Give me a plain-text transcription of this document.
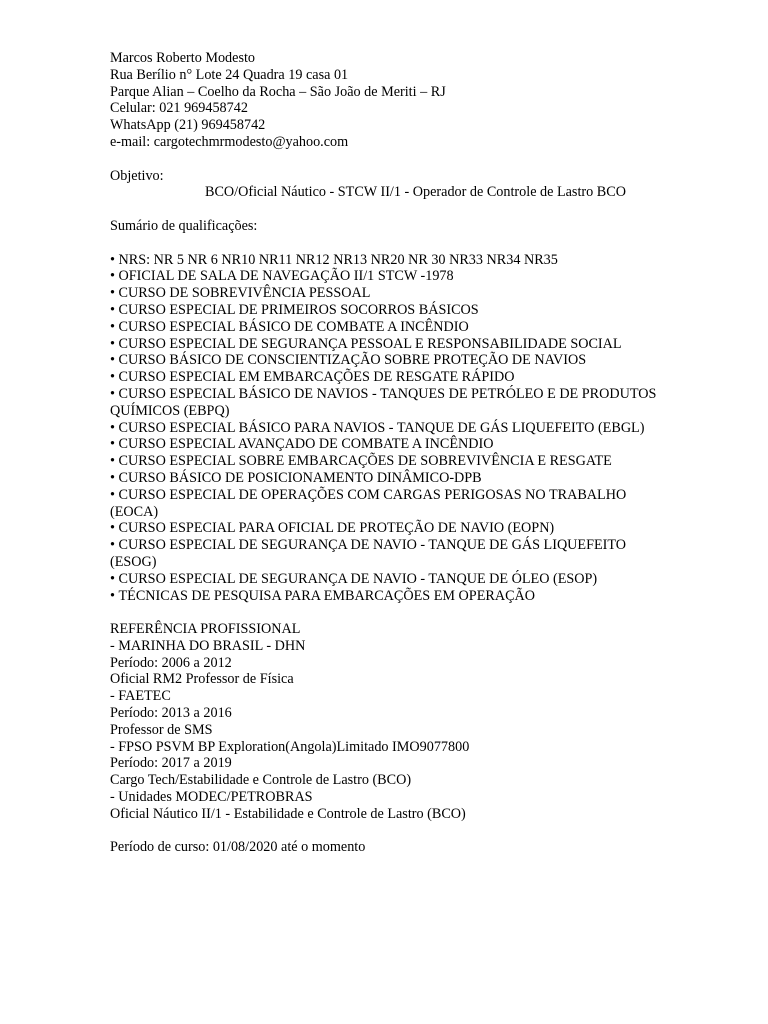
Marcos Roberto Modesto
Rua Berílio n° Lote 24 Quadra 19 casa 01
Parque Alian – Coelho da Rocha – São João de Meriti – RJ
Celular: 021 969458742
WhatsApp (21) 969458742
e-mail: cargotechmrmodesto@yahoo.com
Objetivo:
BCO/Oficial Náutico - STCW II/1 - Operador de Controle de Lastro BCO
Sumário de qualificações:
• NRS: NR 5 NR 6 NR10 NR11 NR12 NR13 NR20 NR 30 NR33 NR34 NR35
• OFICIAL DE SALA DE NAVEGAÇÃO II/1 STCW -1978
• CURSO DE SOBREVIVÊNCIA PESSOAL
• CURSO ESPECIAL DE PRIMEIROS SOCORROS BÁSICOS
• CURSO ESPECIAL BÁSICO DE COMBATE A INCÊNDIO
• CURSO ESPECIAL DE SEGURANÇA PESSOAL E RESPONSABILIDADE SOCIAL
• CURSO BÁSICO DE CONSCIENTIZAÇÃO SOBRE PROTEÇÃO DE NAVIOS
• CURSO ESPECIAL EM EMBARCAÇÕES DE RESGATE RÁPIDO
• CURSO ESPECIAL BÁSICO DE NAVIOS - TANQUES DE PETRÓLEO E DE PRODUTOS QUÍMICOS (EBPQ)
• CURSO ESPECIAL BÁSICO PARA NAVIOS - TANQUE DE GÁS LIQUEFEITO (EBGL)
• CURSO ESPECIAL AVANÇADO DE COMBATE A INCÊNDIO
• CURSO ESPECIAL SOBRE EMBARCAÇÕES DE SOBREVIVÊNCIA E RESGATE
• CURSO BÁSICO DE POSICIONAMENTO DINÂMICO-DPB
• CURSO ESPECIAL DE OPERAÇÕES COM CARGAS PERIGOSAS NO TRABALHO (EOCA)
• CURSO ESPECIAL PARA OFICIAL DE PROTEÇÃO DE NAVIO (EOPN)
• CURSO ESPECIAL DE SEGURANÇA DE NAVIO - TANQUE DE GÁS LIQUEFEITO (ESOG)
• CURSO ESPECIAL DE SEGURANÇA DE NAVIO - TANQUE DE ÓLEO (ESOP)
• TÉCNICAS DE PESQUISA PARA EMBARCAÇÕES EM OPERAÇÃO
REFERÊNCIA PROFISSIONAL
- MARINHA DO BRASIL - DHN
Período: 2006 a 2012
Oficial RM2 Professor de Física
- FAETEC
Período: 2013 a 2016
Professor de SMS
- FPSO PSVM BP Exploration(Angola)Limitado IMO9077800
Período: 2017 a 2019
Cargo Tech/Estabilidade e Controle de Lastro (BCO)
- Unidades MODEC/PETROBRAS
Oficial Náutico II/1 - Estabilidade e Controle de Lastro (BCO)
Período de curso: 01/08/2020 até o momento
